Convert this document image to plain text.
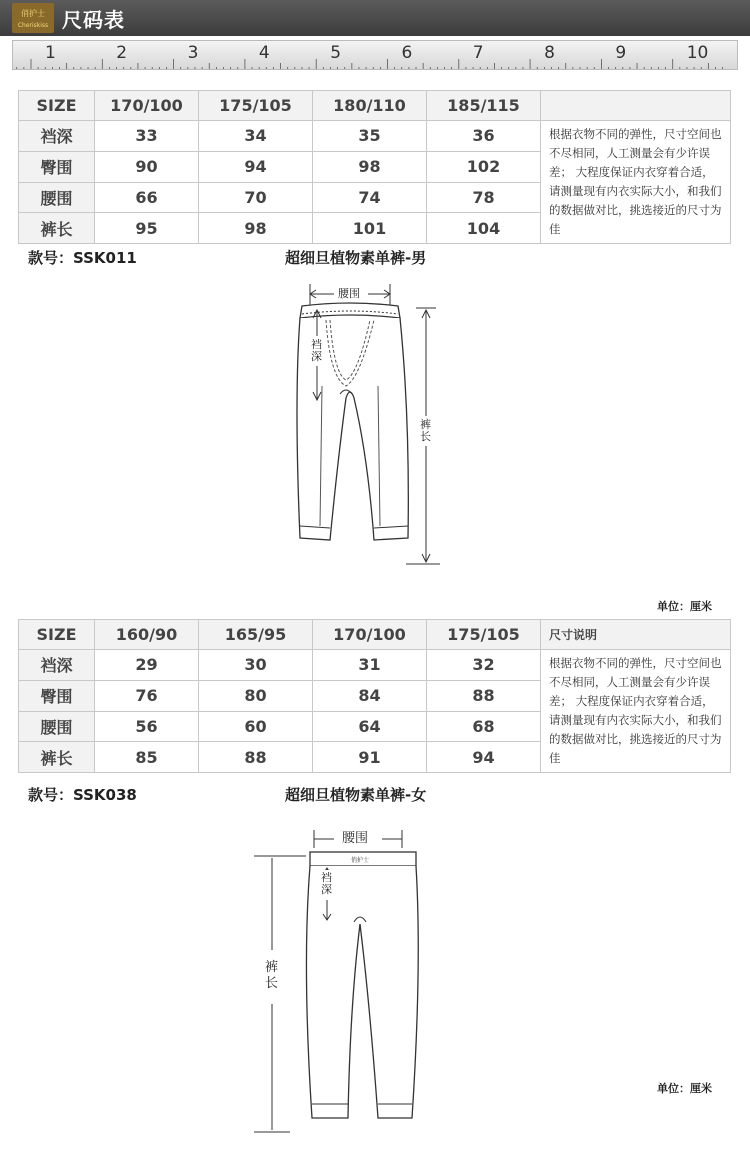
俏护士
Cheriskiss 尺码表
1	2	3	4	5	6	7	8	9	10
SIZE	170/100	175/105	180/110	185/115	
裆深	33	34	35	36	根据衣物不同的弹性，尺寸空间也不尽相同，人工测量会有少许误差； 大程度保证内衣穿着合适，请测量现有内衣实际大小，和我们的数据做对比，挑选接近的尺寸为佳
臀围	90	94	98	102	
腰围	66	70	74	78	
裤长	95	98	101	104	
款号：SSK011	超细旦植物素单裤-男
腰围
裆深
裤长
单位：厘米
SIZE	160/90	165/95	170/100	175/105	尺寸说明
裆深	29	30	31	32	根据衣物不同的弹性，尺寸空间也不尽相同，人工测量会有少许误差； 大程度保证内衣穿着合适，请测量现有内衣实际大小，和我们的数据做对比，挑选接近的尺寸为佳
臀围	76	80	84	88	
腰围	56	60	64	68	
裤长	85	88	91	94	
款号：SSK038	超细旦植物素单裤-女
俏护士
腰围
裆深
裤长
单位：厘米
